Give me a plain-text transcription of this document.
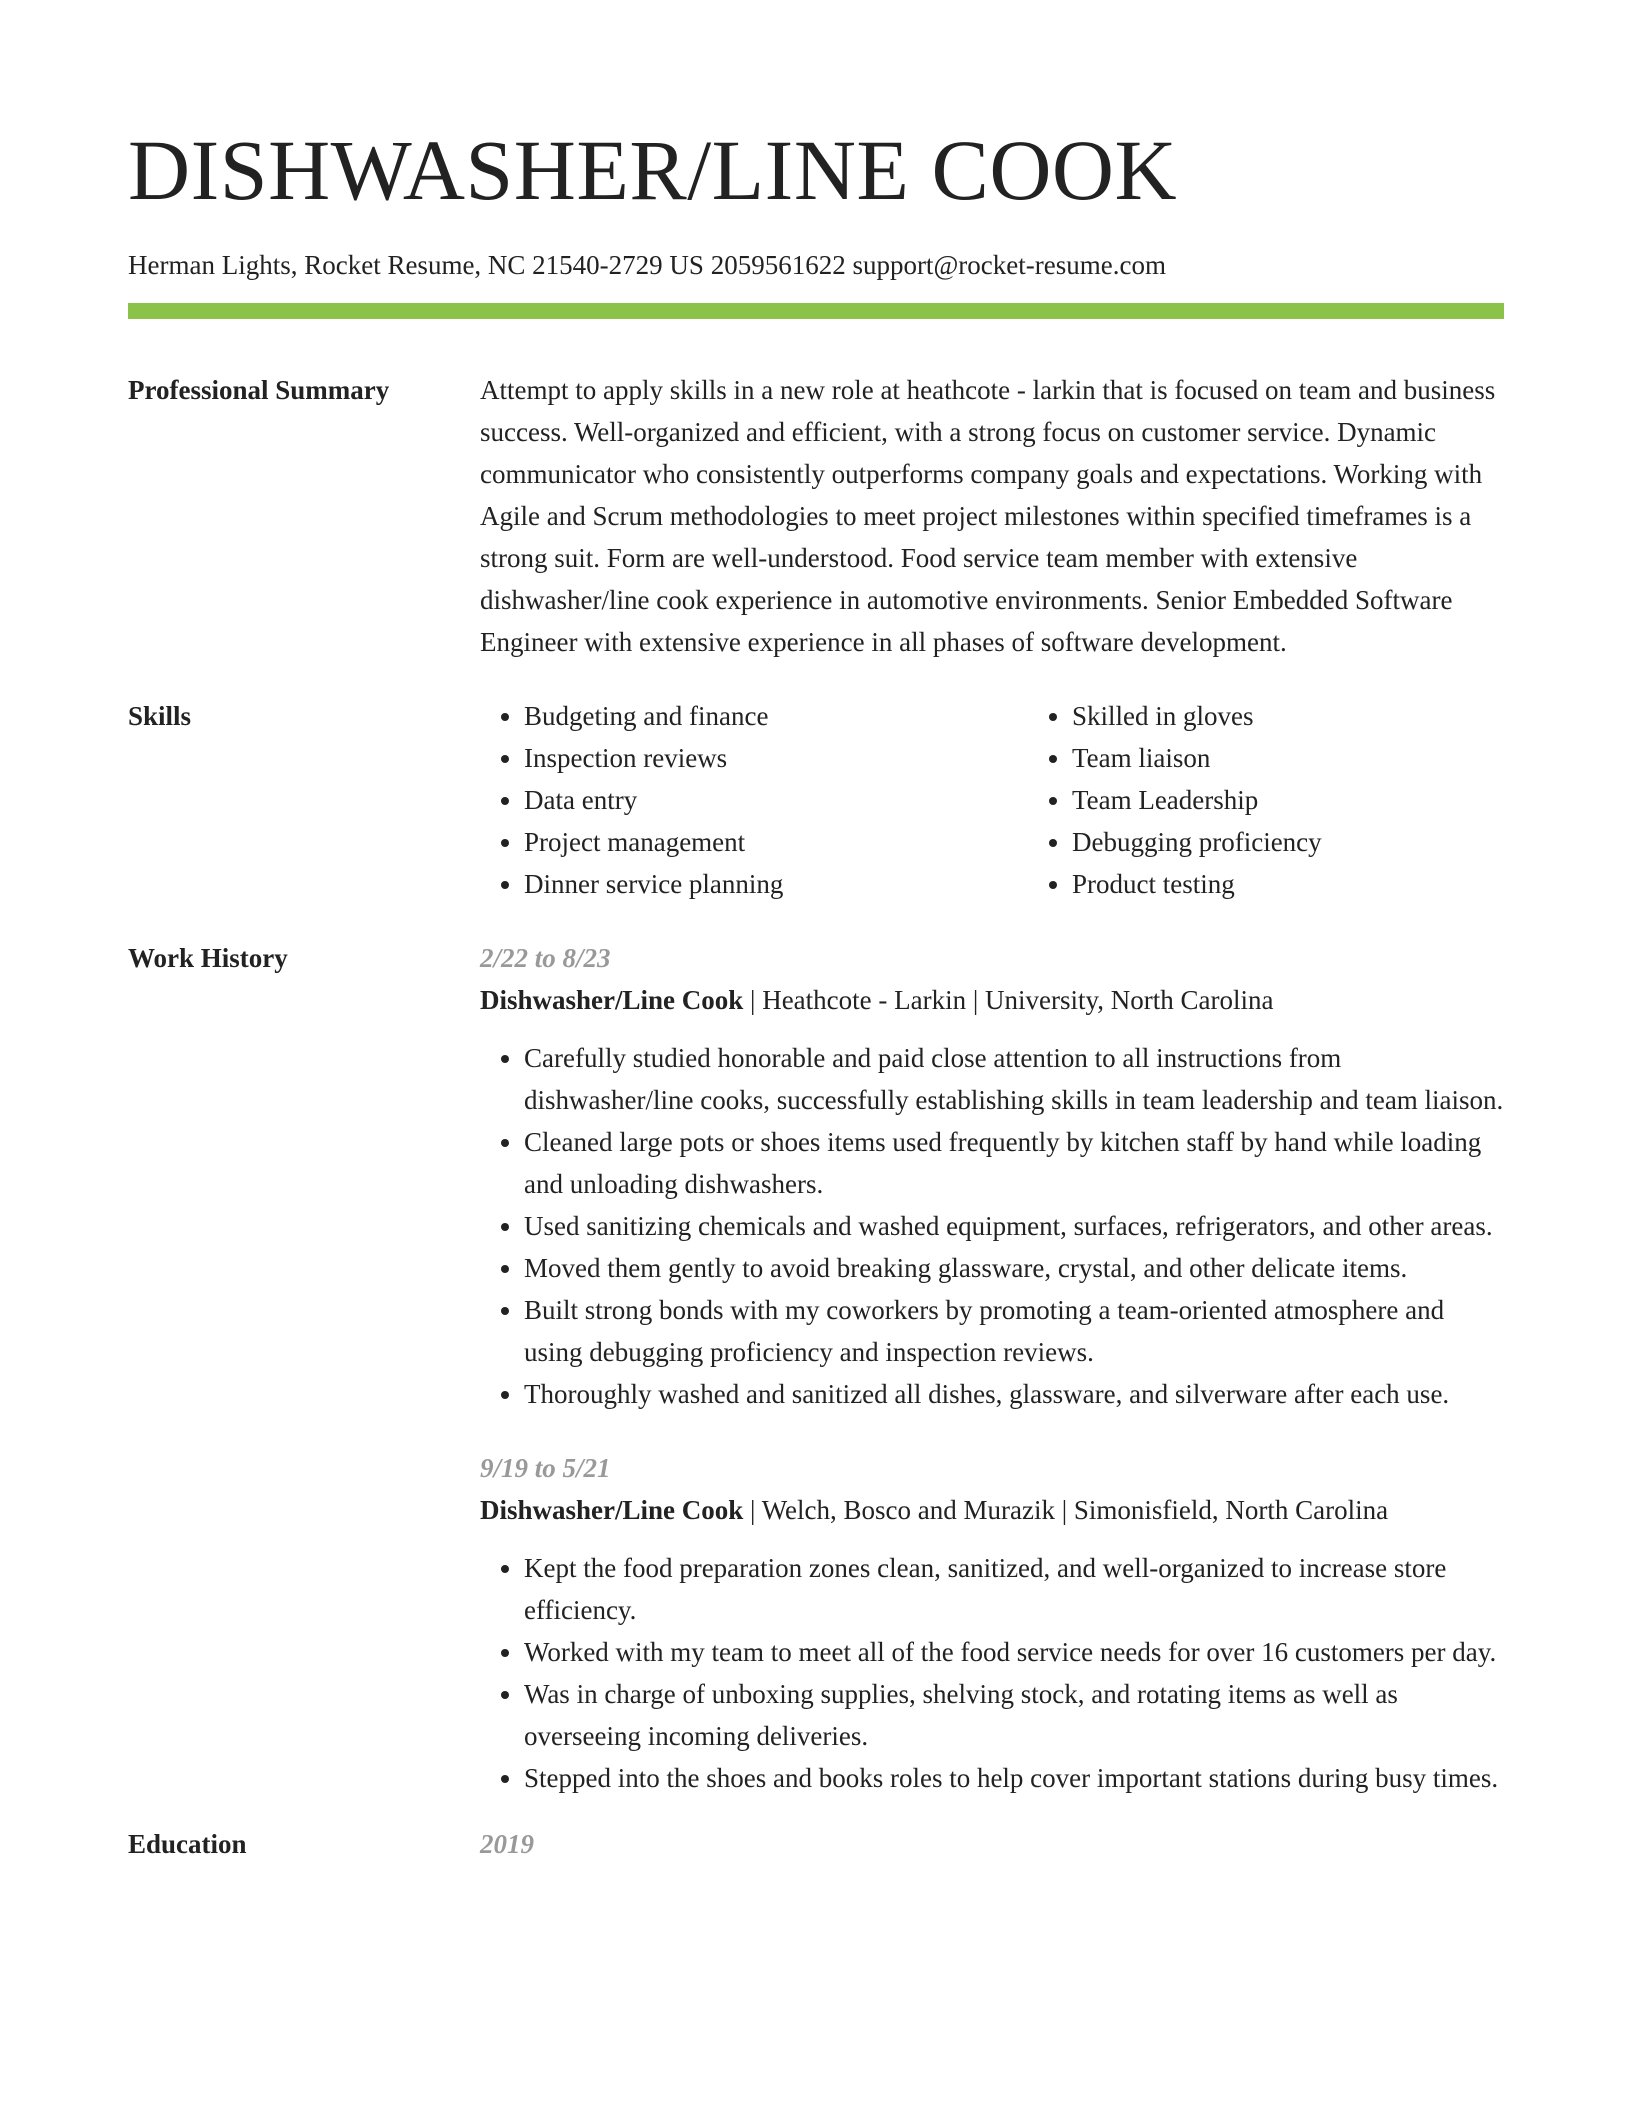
DISHWASHER/LINE COOK
Herman Lights, Rocket Resume, NC 21540-2729 US 2059561622 support@rocket-resume.com
Professional Summary	Attempt to apply skills in a new role at heathcote - larkin that is focused on team and business success. Well-organized and efficient, with a strong focus on customer service. Dynamic communicator who consistently outperforms company goals and expectations. Working with Agile and Scrum methodologies to meet project milestones within specified timeframes is a strong suit. Form are well-understood. Food service team member with extensive dishwasher/line cook experience in automotive environments. Senior Embedded Software Engineer with extensive experience in all phases of software development.

Skills
•	Budgeting and finance
• Inspection reviews
• Data entry
• Project management
• Dinner service planning
• Skilled in gloves
• Team liaison
• Team Leadership
• Debugging proficiency
• Product testing
Work History	2/22 to 8/23

Dishwasher/Line Cook | Heathcote - Larkin | University, North Carolina

• Carefully studied honorable and paid close attention to all instructions from dishwasher/line cooks, successfully establishing skills in team leadership and team liaison.
• Cleaned large pots or shoes items used frequently by kitchen staff by hand while loading and unloading dishwashers.
• Used sanitizing chemicals and washed equipment, surfaces, refrigerators, and other areas.
• Moved them gently to avoid breaking glassware, crystal, and other delicate items.
• Built strong bonds with my coworkers by promoting a team-oriented atmosphere and using debugging proficiency and inspection reviews.
• Thoroughly washed and sanitized all dishes, glassware, and silverware after each use.
9/19 to 5/21

Dishwasher/Line Cook | Welch, Bosco and Murazik | Simonisfield, North Carolina

• Kept the food preparation zones clean, sanitized, and well-organized to increase store efficiency.
• Worked with my team to meet all of the food service needs for over 16 customers per day.
• Was in charge of unboxing supplies, shelving stock, and rotating items as well as overseeing incoming deliveries.
• Stepped into the shoes and books roles to help cover important stations during busy times.
Education	2019
